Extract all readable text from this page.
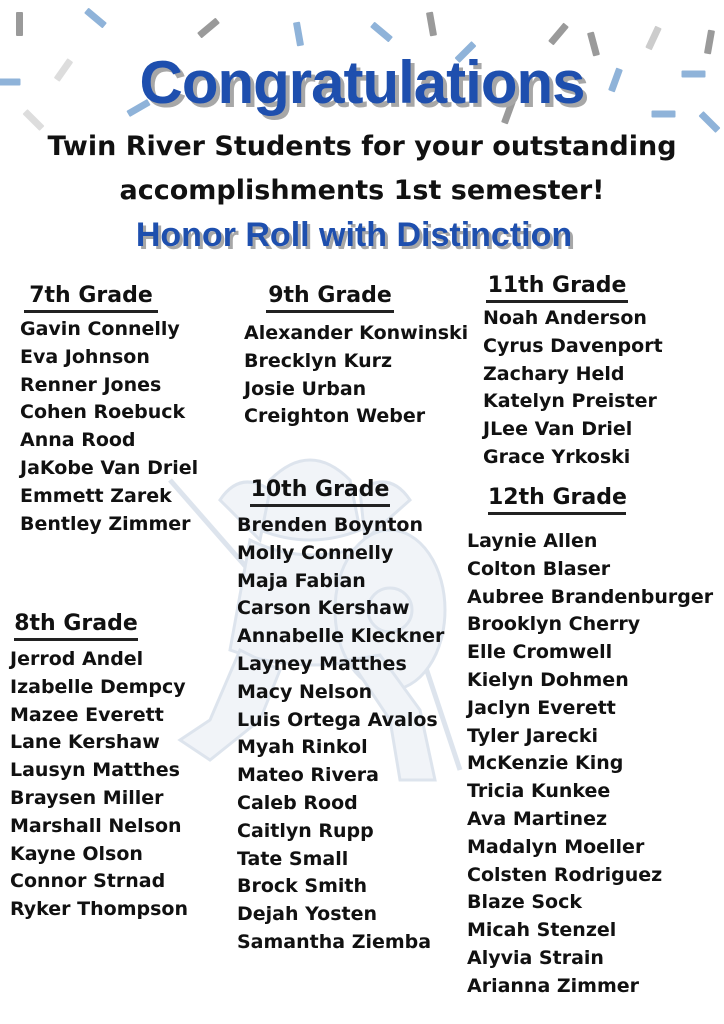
Congratulations

Twin River Students for your outstanding

accomplishments 1st semester!

Honor Roll with Distinction
7th Grade
Gavin Connelly
Eva Johnson
Renner Jones
Cohen Roebuck
Anna Rood
JaKobe Van Driel
Emmett Zarek
Bentley Zimmer
8th Grade
Jerrod Andel
Izabelle Dempcy
Mazee Everett
Lane Kershaw
Lausyn Matthes
Braysen Miller
Marshall Nelson
Kayne Olson
Connor Strnad
Ryker Thompson
9th Grade
Alexander Konwinski
Brecklyn Kurz
Josie Urban
Creighton Weber
10th Grade
Brenden Boynton
Molly Connelly
Maja Fabian
Carson Kershaw
Annabelle Kleckner
Layney Matthes
Macy Nelson
Luis Ortega Avalos
Myah Rinkol
Mateo Rivera
Caleb Rood
Caitlyn Rupp
Tate Small
Brock Smith
Dejah Yosten
Samantha Ziemba
11th Grade
Noah Anderson
Cyrus Davenport
Zachary Held
Katelyn Preister
JLee Van Driel
Grace Yrkoski
12th Grade
Laynie Allen
Colton Blaser
Aubree Brandenburger
Brooklyn Cherry
Elle Cromwell
Kielyn Dohmen
Jaclyn Everett
Tyler Jarecki
McKenzie King
Tricia Kunkee
Ava Martinez
Madalyn Moeller
Colsten Rodriguez
Blaze Sock
Micah Stenzel
Alyvia Strain
Arianna Zimmer
